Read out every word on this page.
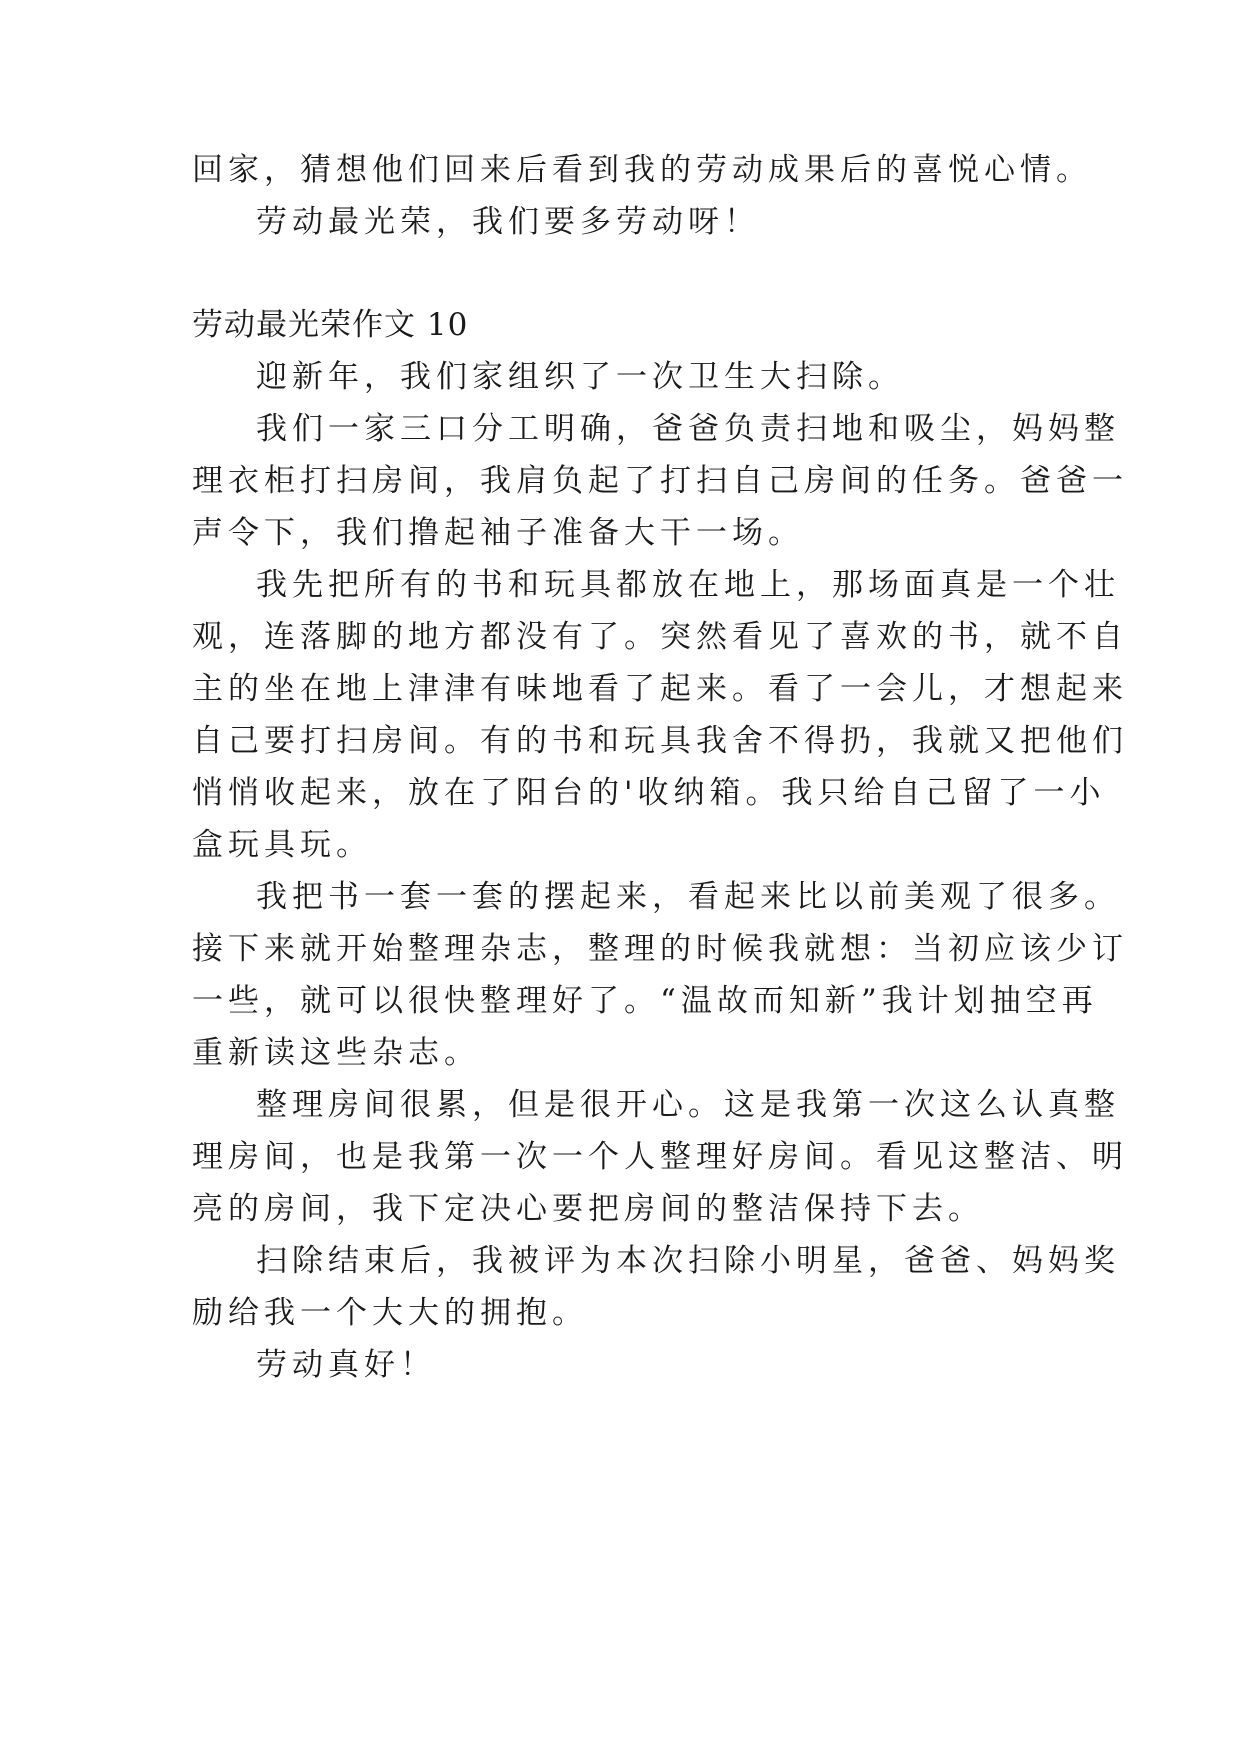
回家，猜想他们回来后看到我的劳动成果后的喜悦心情。
劳动最光荣，我们要多劳动呀！
劳动最光荣作文 10
迎新年，我们家组织了一次卫生大扫除。
我们一家三口分工明确，爸爸负责扫地和吸尘，妈妈整
理衣柜打扫房间，我肩负起了打扫自己房间的任务。爸爸一
声令下，我们撸起袖子准备大干一场。
我先把所有的书和玩具都放在地上，那场面真是一个壮
观，连落脚的地方都没有了。突然看见了喜欢的书，就不自
主的坐在地上津津有味地看了起来。看了一会儿，才想起来
自己要打扫房间。有的书和玩具我舍不得扔，我就又把他们
悄悄收起来，放在了阳台的'收纳箱。我只给自己留了一小
盒玩具玩。
我把书一套一套的摆起来，看起来比以前美观了很多。
接下来就开始整理杂志，整理的时候我就想：当初应该少订
一些，就可以很快整理好了。“温故而知新”我计划抽空再
重新读这些杂志。
整理房间很累，但是很开心。这是我第一次这么认真整
理房间，也是我第一次一个人整理好房间。看见这整洁、明
亮的房间，我下定决心要把房间的整洁保持下去。
扫除结束后，我被评为本次扫除小明星，爸爸、妈妈奖
励给我一个大大的拥抱。
劳动真好！
